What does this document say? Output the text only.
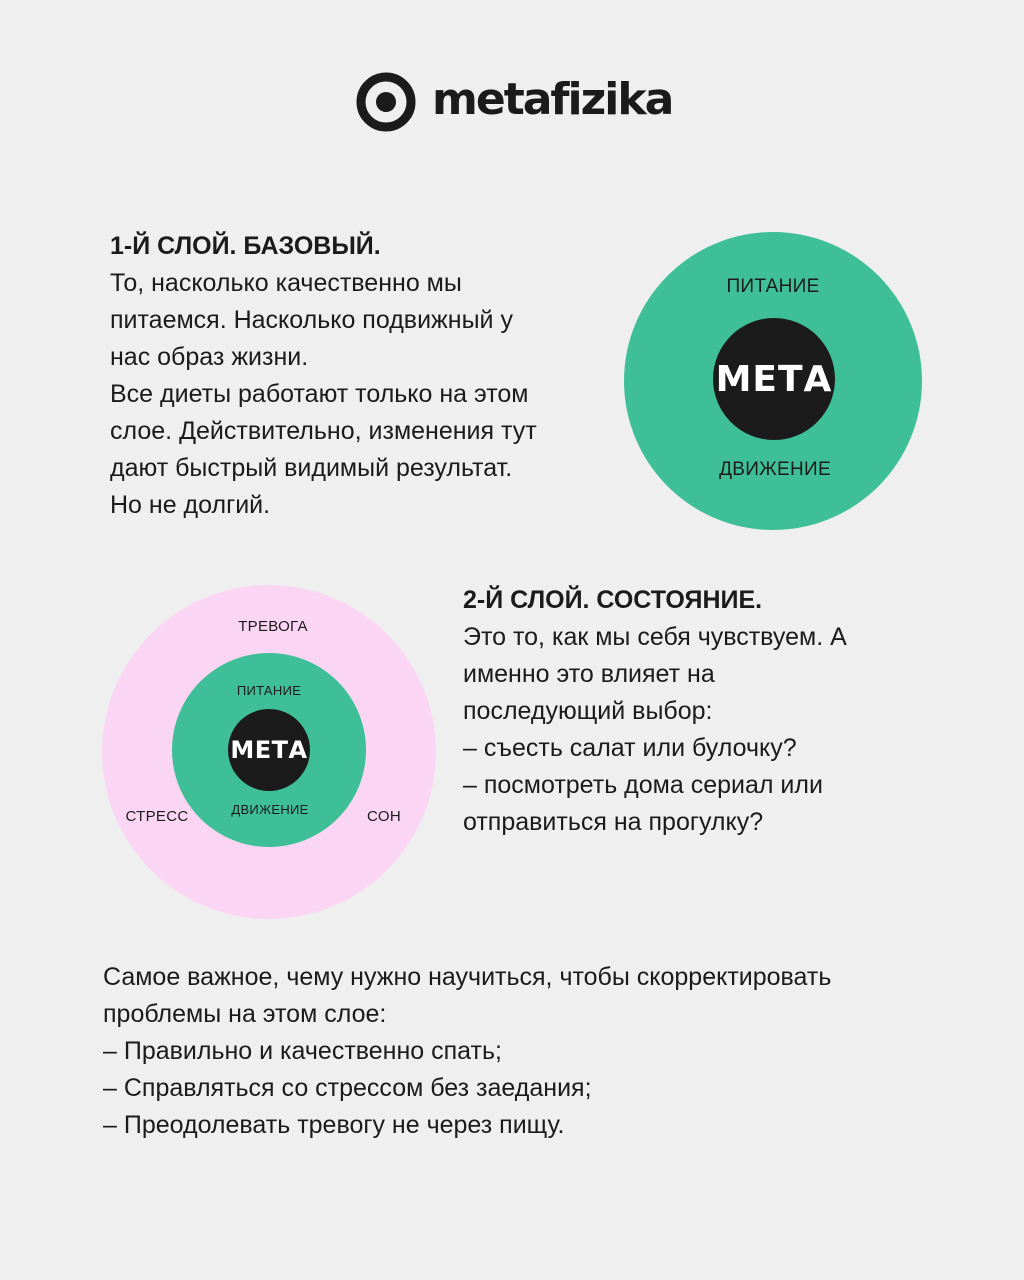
metafizika
1-Й СЛОЙ. БАЗОВЫЙ.
То, насколько качественно мы
питаемся. Насколько подвижный у
нас образ жизни.
Все диеты работают только на этом
слое. Действительно, изменения тут
дают быстрый видимый результат.
Но не долгий.
ПИТАНИЕ
МЕТА
ДВИЖЕНИЕ
ТРЕВОГА
ПИТАНИЕ
МЕТА
ДВИЖЕНИЕ
СТРЕСС	СОН
2-Й СЛОЙ. СОСТОЯНИЕ.
Это то, как мы себя чувствуем. А
именно это влияет на
последующий выбор:
– съесть салат или булочку?
– посмотреть дома сериал или
отправиться на прогулку?
Самое важное, чему нужно научиться, чтобы скорректировать
проблемы на этом слое:
– Правильно и качественно спать;
– Справляться со стрессом без заедания;
– Преодолевать тревогу не через пищу.
